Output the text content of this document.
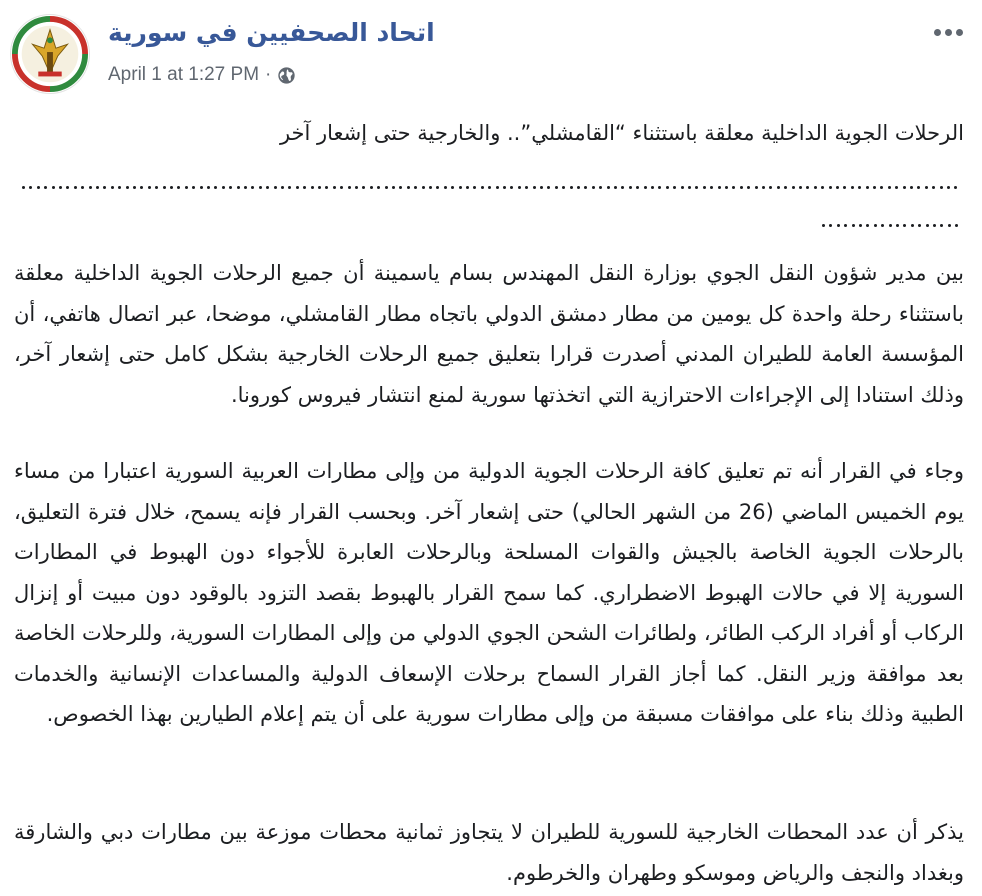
اتحاد الصحفيين في سورية
April 1 at 1:27 PM ·
الرحلات الجوية الداخلية معلقة باستثناء “القامشلي”.. والخارجية حتى إشعار آخر
بين مدير شؤون النقل الجوي بوزارة النقل المهندس بسام ياسمينة أن جميع الرحلات الجوية الداخلية معلقة باستثناء رحلة واحدة كل يومين من مطار دمشق الدولي باتجاه مطار القامشلي، موضحا، عبر اتصال هاتفي، أن المؤسسة العامة للطيران المدني أصدرت قرارا بتعليق جميع الرحلات الخارجية بشكل كامل حتى إشعار آخر، وذلك استنادا إلى الإجراءات الاحترازية التي اتخذتها سورية لمنع انتشار فيروس كورونا.
وجاء في القرار أنه تم تعليق كافة الرحلات الجوية الدولية من وإلى مطارات العربية السورية اعتبارا من مساء يوم الخميس الماضي (26 من الشهر الحالي) حتى إشعار آخر. وبحسب القرار فإنه يسمح، خلال فترة التعليق، بالرحلات الجوية الخاصة بالجيش والقوات المسلحة وبالرحلات العابرة للأجواء دون الهبوط في المطارات السورية إلا في حالات الهبوط الاضطراري. كما سمح القرار بالهبوط بقصد التزود بالوقود دون مبيت أو إنزال الركاب أو أفراد الركب الطائر، ولطائرات الشحن الجوي الدولي من وإلى المطارات السورية، وللرحلات الخاصة بعد موافقة وزير النقل. كما أجاز القرار السماح برحلات الإسعاف الدولية والمساعدات الإنسانية والخدمات الطبية وذلك بناء على موافقات مسبقة من وإلى مطارات سورية على أن يتم إعلام الطيارين بهذا الخصوص.
يذكر أن عدد المحطات الخارجية للسورية للطيران لا يتجاوز ثمانية محطات موزعة بين مطارات دبي والشارقة وبغداد والنجف والرياض وموسكو وطهران والخرطوم.
